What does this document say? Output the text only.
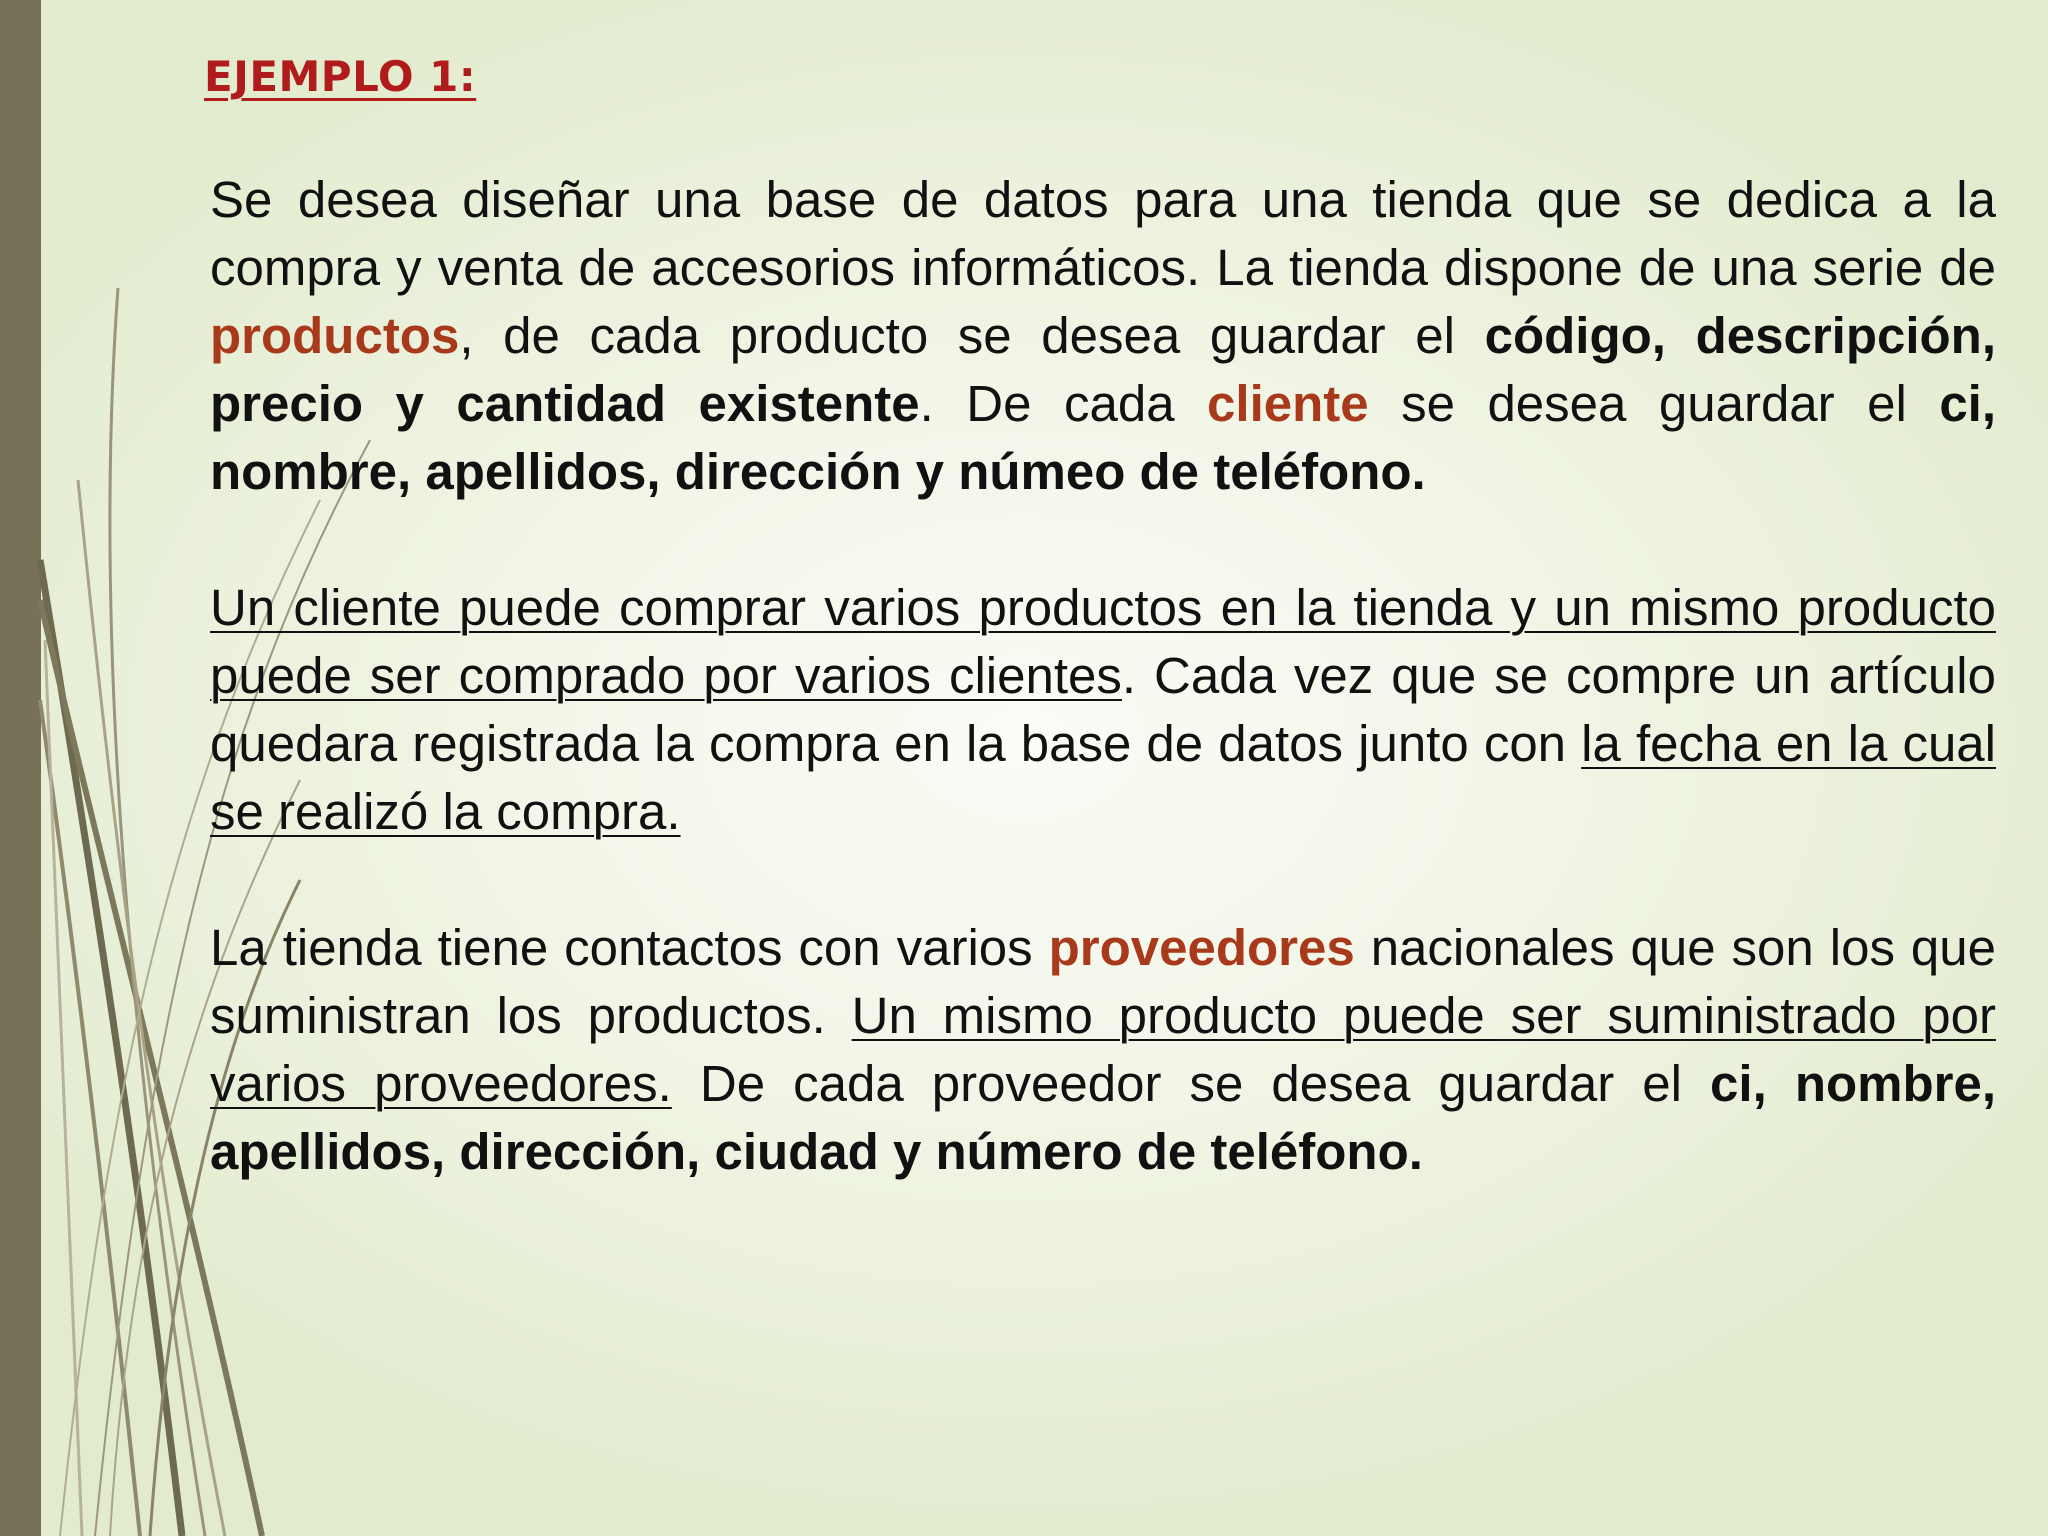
EJEMPLO 1:

Se desea diseñar una base de datos para una tienda que se dedica a la compra y venta de accesorios informáticos. La tienda dispone de una serie de productos, de cada producto se desea guardar el código, descripción, precio y cantidad existente. De cada cliente se desea guardar el ci, nombre, apellidos, dirección y númeo de teléfono.

Un cliente puede comprar varios productos en la tienda y un mismo producto puede ser comprado por varios clientes. Cada vez que se compre un artículo quedara registrada la compra en la base de datos junto con la fecha en la cual se realizó la compra.

La tienda tiene contactos con varios proveedores nacionales que son los que suministran los productos. Un mismo producto puede ser suministrado por varios proveedores. De cada proveedor se desea guardar el ci, nombre, apellidos, dirección, ciudad y número de teléfono.
